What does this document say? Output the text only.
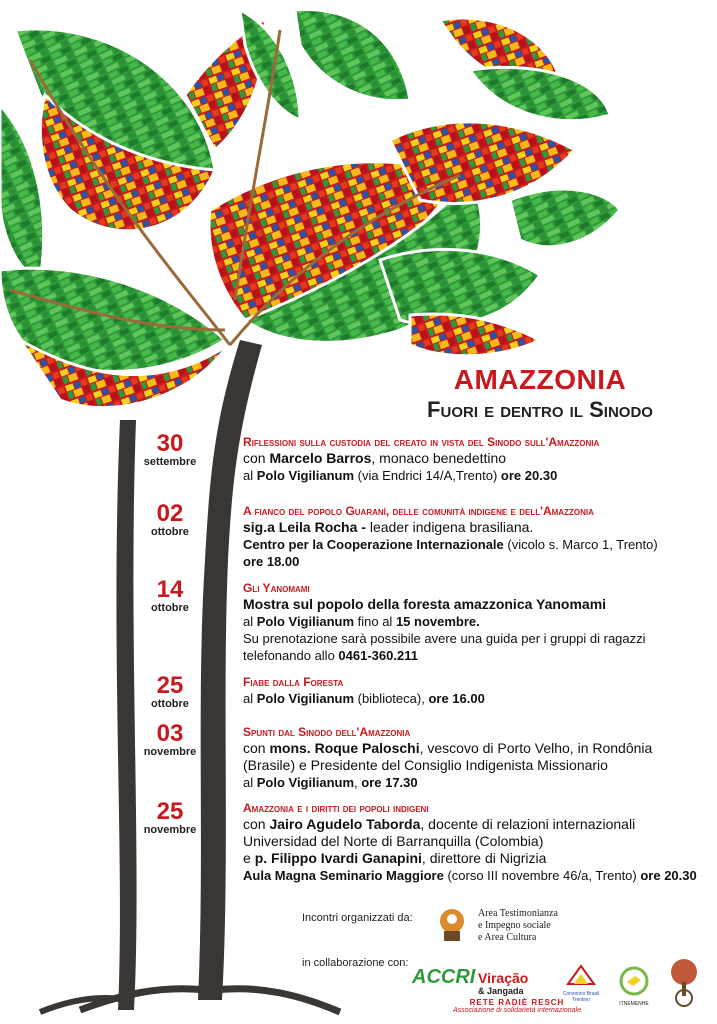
AMAZZONIA
Fuori e dentro il Sinodo
30
settembre
Riflessioni sulla custodia del creato in vista del Sinodo sull'Amazzonia
con Marcelo Barros, monaco benedettino
al Polo Vigilianum (via Endrici 14/A,Trento) ore 20.30
02
ottobre
A fianco del popolo Guaraní, delle comunità indigene e dell'Amazzonia
sig.a Leila Rocha - leader indigena brasiliana.
Centro per la Cooperazione Internazionale (vicolo s. Marco 1, Trento)
ore 18.00
14
ottobre
Gli Yanomami
Mostra sul popolo della foresta amazzonica Yanomami
al Polo Vigilianum fino al 15 novembre.
Su prenotazione sarà possibile avere una guida per i gruppi di ragazzi
telefonando allo 0461-360.211
25
ottobre
Fiabe dalla Foresta
al Polo Vigilianum (biblioteca), ore 16.00
03
novembre
Spunti dal Sinodo dell'Amazzonia
con mons. Roque Paloschi, vescovo di Porto Velho, in Rondônia
(Brasile) e Presidente del Consiglio Indigenista Missionario
al Polo Vigilianum, ore 17.30
25
novembre
Amazzonia e i diritti dei popoli indigeni
con Jairo Agudelo Taborda, docente di relazioni internazionali
Universidad del Norte di Barranquilla (Colombia)
e p. Filippo Ivardi Ganapini, direttore di Nigrizia
Aula Magna Seminario Maggiore (corso III novembre 46/a, Trento) ore 20.30
Incontri organizzati da:	Area Testimonianza
e Impegno sociale
e Area Cultura
in collaborazione con:
ACCRI Viração
& Jangada	Consorzio Brasil Trentino
ITNEMENHE
RETE RADIÈ RESCH
Associazione di solidarietà internazionale
